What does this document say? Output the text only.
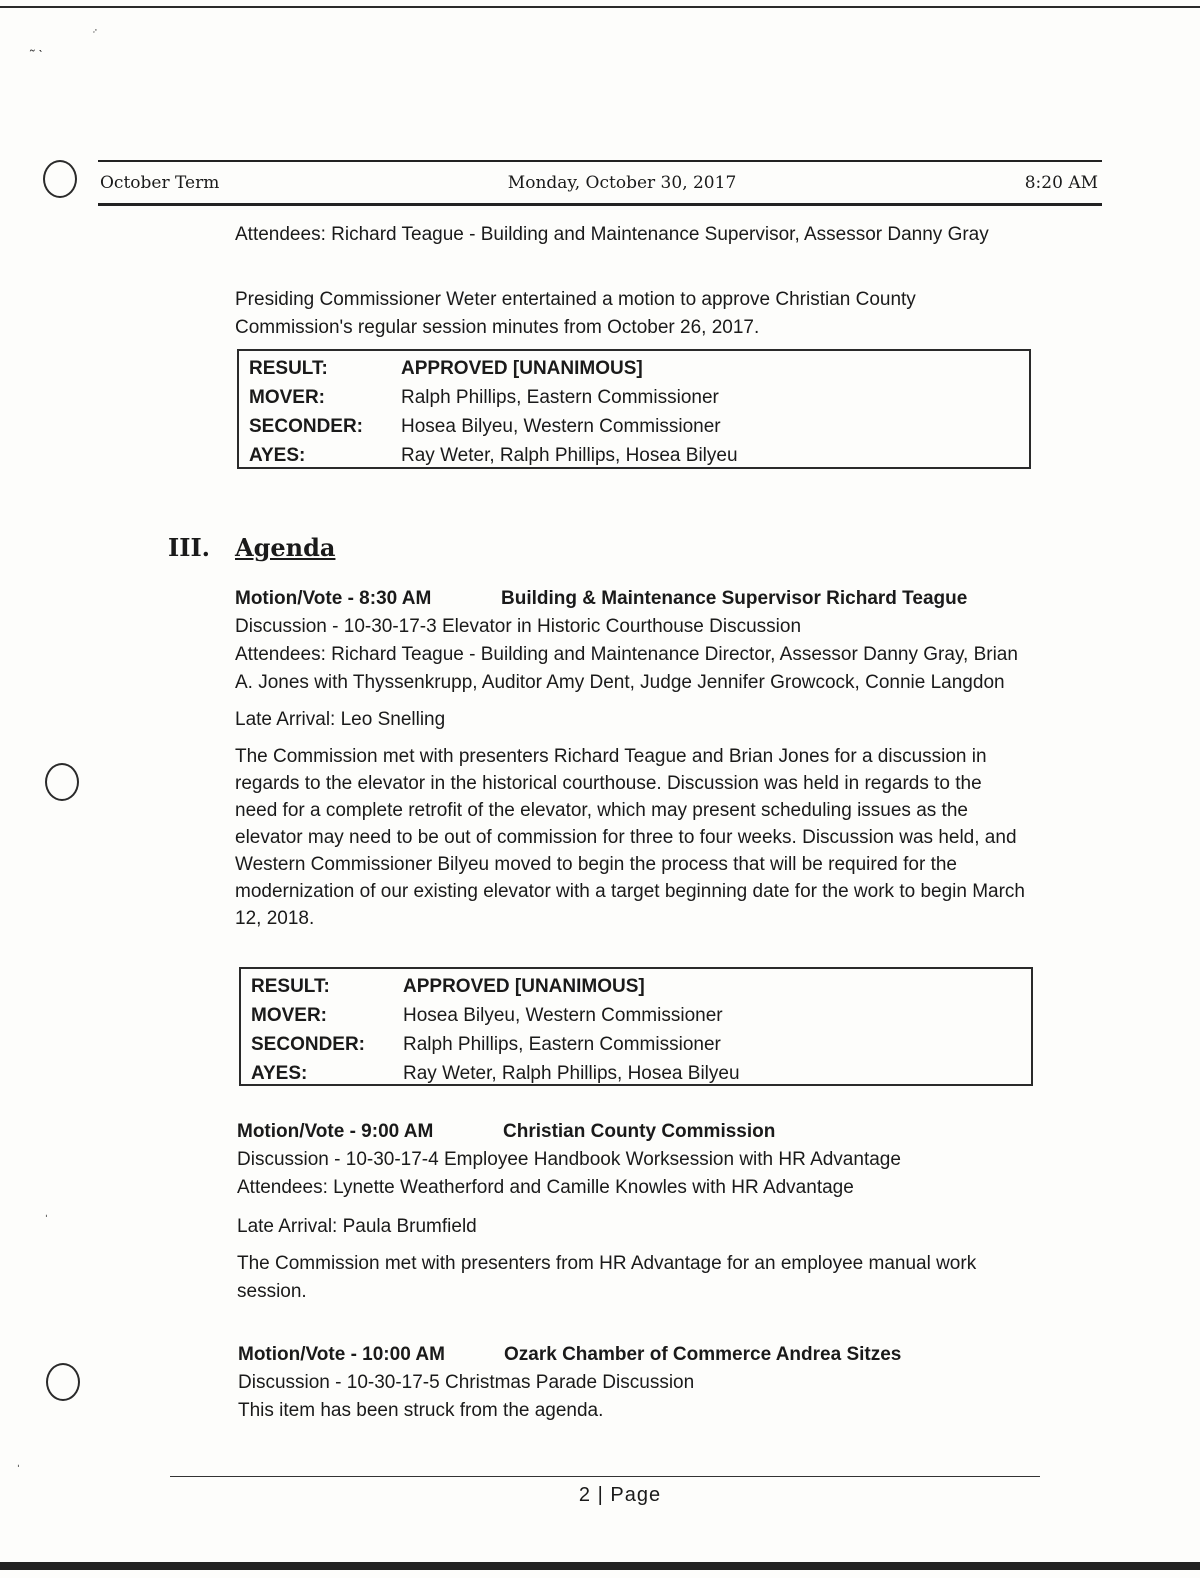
˷ ˎ
ˑ̇
October Term	Monday, October 30, 2017	8:20 AM
Attendees: Richard Teague - Building and Maintenance Supervisor, Assessor Danny Gray
Presiding Commissioner Weter entertained a motion to approve Christian County Commission's regular session minutes from October 26, 2017.
RESULT:	APPROVED [UNANIMOUS]
MOVER:	Ralph Phillips, Eastern Commissioner
SECONDER:	Hosea Bilyeu, Western Commissioner
AYES:	Ray Weter, Ralph Phillips, Hosea Bilyeu
III. Agenda
Motion/Vote - 8:30 AM	Building & Maintenance Supervisor Richard Teague

Discussion - 10-30-17-3 Elevator in Historic Courthouse Discussion

Attendees: Richard Teague - Building and Maintenance Director, Assessor Danny Gray, Brian A. Jones with Thyssenkrupp, Auditor Amy Dent, Judge Jennifer Growcock, Connie Langdon

Late Arrival: Leo Snelling

The Commission met with presenters Richard Teague and Brian Jones for a discussion in regards to the elevator in the historical courthouse. Discussion was held in regards to the need for a complete retrofit of the elevator, which may present scheduling issues as the elevator may need to be out of commission for three to four weeks. Discussion was held, and Western Commissioner Bilyeu moved to begin the process that will be required for the modernization of our existing elevator with a target beginning date for the work to begin March 12, 2018.

RESULT:	APPROVED [UNANIMOUS]
MOVER:	Hosea Bilyeu, Western Commissioner
SECONDER:	Ralph Phillips, Eastern Commissioner
AYES:	Ray Weter, Ralph Phillips, Hosea Bilyeu
Motion/Vote - 9:00 AM	Christian County Commission

Discussion - 10-30-17-4 Employee Handbook Worksession with HR Advantage

Attendees: Lynette Weatherford and Camille Knowles with HR Advantage

Late Arrival: Paula Brumfield

The Commission met with presenters from HR Advantage for an employee manual work session.

Motion/Vote - 10:00 AM	Ozark Chamber of Commerce Andrea Sitzes

Discussion - 10-30-17-5 Christmas Parade Discussion

This item has been struck from the agenda.

2 | Page
ˈ
ˈ
